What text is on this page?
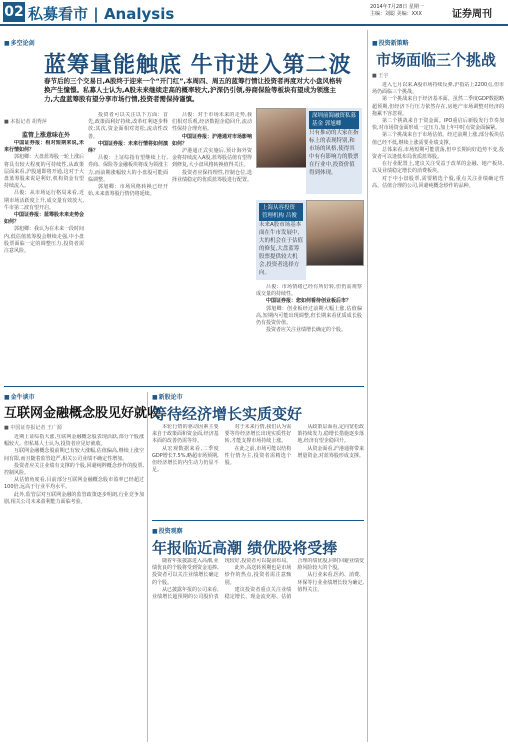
02 私募看市 | Analysis	2014年7月28日 星期一
主编：刘聪 美编：XXX	证券周刊
■ 多空论剑
蓝筹量能触底 牛市进入第二波
春节后的三个交易日,A股终于迎来一个“开门红”,本周四、周五的蓝筹行情让投资者再度对大小盘风格转换产生憧憬。私募人士认为,A股未来继续走高的概率较大,沪深仍引领,券商保险等板块有望成为领涨主力,大盘蓝筹股有望分享市场行情,投资者需保持谨慎。
■ 本报记者 胡秀萍
监管上涨意味在外

中国证券报：相对短期来说,未来行情如何？

郭旭卿：大盘蓝筹股一轮上涨后将具有较大程度的可持续性,从政策层面来看,沪股通即将开通,这对于大盘蓝筹股来说是利好,机构资金有望持续流入。

吕俊：从市场运行格局来看,近期市场活跃度上升,成交量有效放大,牛市第二波有望开启。

中国证券报：蓝筹股未来走势会如何？

郭旭卿：我认为在未来一段时间内,低估值蓝筹股会继续走强,中小盘股票面临一定的调整压力,投资者需注意风险。

投资者可以关注以下方面：首先,政策面利好持续,改革红利逐步释放;其次,资金面相对宽松,流动性改善。

中国证券报：未来行情将如何演绎？

吕俊：上证综指有望继续上行,券商、保险等金融板块将成为领涨主力,而前期涨幅较大的小盘股可能面临调整。

郭旭卿：市场风格转换已经开始,未来蓝筹股行情仍将延续。

吕俊：对于市场未来的走势,我们相对乐观,经济数据企稳回升,流动性保持合理充裕。

中国证券报：沪港通对市场影响如何？

沪港通正式实施后,预计海外资金将持续流入A股,蓝筹股估值有望得到修复,大小盘风格转换值得关注。

投资者应保持理性,控制仓位,选择业绩稳定的优质蓝筹股进行配置。

深圳前海融资私募基金 郭旭卿
只有推动的大家在指标上的表现特别,和市场的风格,使得其中有有影响力的股票在行业中,投资价值得到体现。
上海从容投资管理机构 吕俊
未来A股市场基本面在牛市发展中,大的机会在于估值的修复,大盘蓝筹股票提供较大机会,投资者选择方向。

吕俊：市场情绪已经有所好转,但仍需观察成交量的持续性。

中国证券报：您如何看待创业板后市？

郭旭卿：创业板经过前期大幅上涨,估值偏高,短期内可能出现调整,但长期来看优质成长股仍有投资价值。

投资者应关注业绩增长确定的个股。

■ 投资新策略
市场面临三个挑战
■ 王宇

进入七月以来,A股市场持续反弹,沪指站上2200点,但市场仍面临三个挑战。

第一个挑战来自于经济基本面。虽然二季度GDP数据略超预期,但经济下行压力依然存在,房地产市场调整对经济的拖累不容忽视。

第二个挑战来自于资金面。IPO重启后新股发行节奏加快,对市场资金面形成一定压力,加上年中时点资金面偏紧。

第三个挑战来自于市场估值。经过前期上涨,部分板块估值已经不低,继续上涨需要业绩支撑。

总体来看,市场短期可能震荡,但中长期向好趋势不变,投资者可以逢低布局优质蓝筹股。

在行业配置上,建议关注受益于改革的金融、地产板块,以及业绩稳定增长的消费板块。

对于中小盘股票,需要精选个股,重点关注业绩确定性高、估值合理的公司,回避纯概念炒作的品种。

■ 金牛谈市
互联网金融概念股见好就收
■ 中国证券报记者 王广源

近期上证综指大涨,互联网金融概念股表现活跃,部分个股涨幅较大。但私募人士认为,投资者应见好就收。

互联网金融概念股前期已有较大涨幅,估值偏高,继续上涨空间有限,而且随着监管趋严,相关公司业绩不确定性增加。

投资者应关注业绩有支撑的个股,回避纯粹概念炒作的股票,控制风险。

从估值角度看,目前部分互联网金融概念股市盈率已经超过100倍,远高于行业平均水平。

此外,监管层对互联网金融的监管政策逐步明朗,行业竞争加剧,相关公司未来盈利能力面临考验。

■ 新股论市
等待经济增长实质变好

本轮行情的驱动因素主要来自于政策面和资金面,经济基本面的改善仍需等待。

从宏观数据来看,二季度GDP增长7.5%,略超市场预期,但经济增长的内生动力仍显不足。

对于未来行情,我们认为需要等待经济增长出现实质性好转,才能支撑市场持续上涨。

在此之前,市场可能以结构性行情为主,投资者需精选个股。

从政策层面看,定向宽松政策持续发力,稳增长措施逐步落地,经济有望企稳回升。

从资金面看,沪港通将带来增量资金,对蓝筹股形成支撑。

■ 投资观察
年报临近高潮 绩优股将受捧

随着年报披露进入高潮,业绩优良的个股将受到资金追捧,投资者可以关注业绩增长确定的个股。

从已披露年报的公司来看,业绩增长超预期的公司股价表现较好,投资者可以提前布局。

此外,高送转预期也是市场炒作的热点,投资者需注意甄别。

建议投资者重点关注业绩稳定增长、现金流充裕、估值合理的绩优股,同时回避业绩变脸风险较大的个股。

从行业来看,医药、消费、环保等行业业绩增长较为确定,值得关注。
